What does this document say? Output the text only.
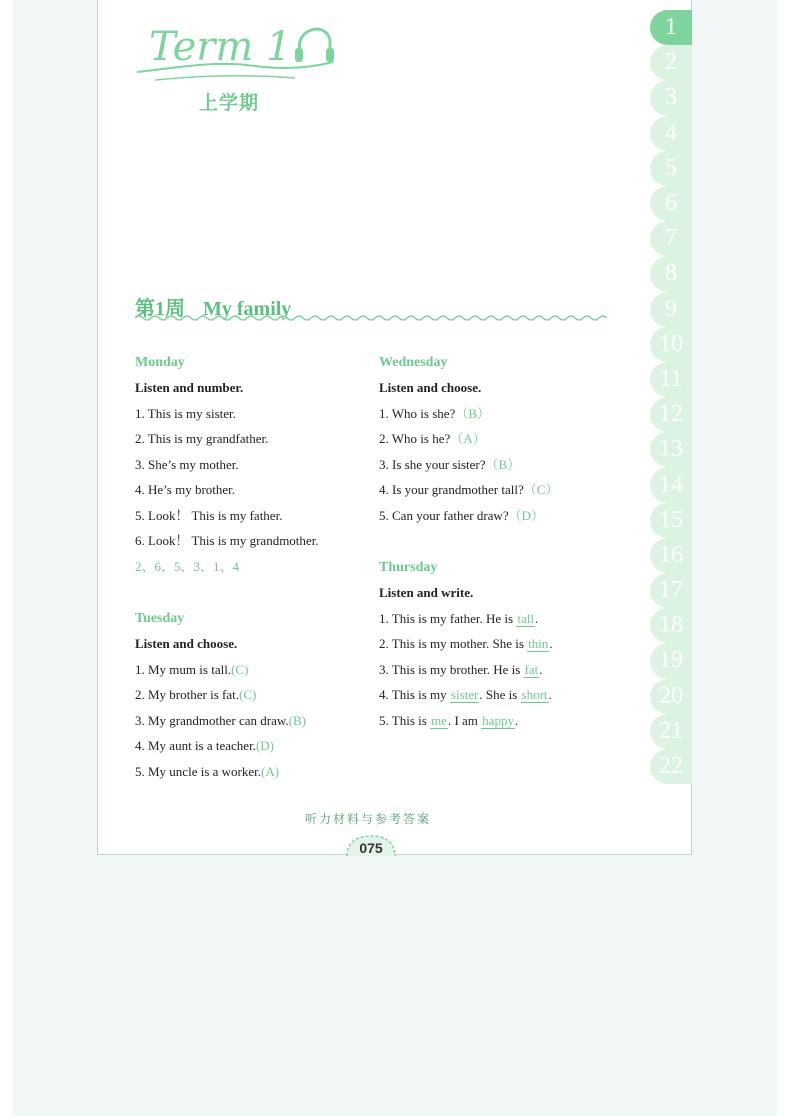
Term 1
上学期
1
2
3
4
5
6
7
8
9
10
11
12
13
14
15
16
17
18
19
20
21
22
第1周 My family
Monday
Listen and number.
1. This is my sister.
2. This is my grandfather.
3. She’s my mother.
4. He’s my brother.
5. Look！ This is my father.
6. Look！ This is my grandmother.
2、6、5、3、1、4
Tuesday
Listen and choose.
1. My mum is tall.(C)
2. My brother is fat.(C)
3. My grandmother can draw.(B)
4. My aunt is a teacher.(D)
5. My uncle is a worker.(A)
Wednesday
Listen and choose.
1. Who is she?（B）
2. Who is he?（A）
3. Is she your sister?（B）
4. Is your grandmother tall?（C）
5. Can your father draw?（D）
Thursday
Listen and write.
1. This is my father. He is tall.
2. This is my mother. She is thin.
3. This is my brother. He is fat.
4. This is my sister. She is short.
5. This is me. I am happy.
听力材料与参考答案
075
